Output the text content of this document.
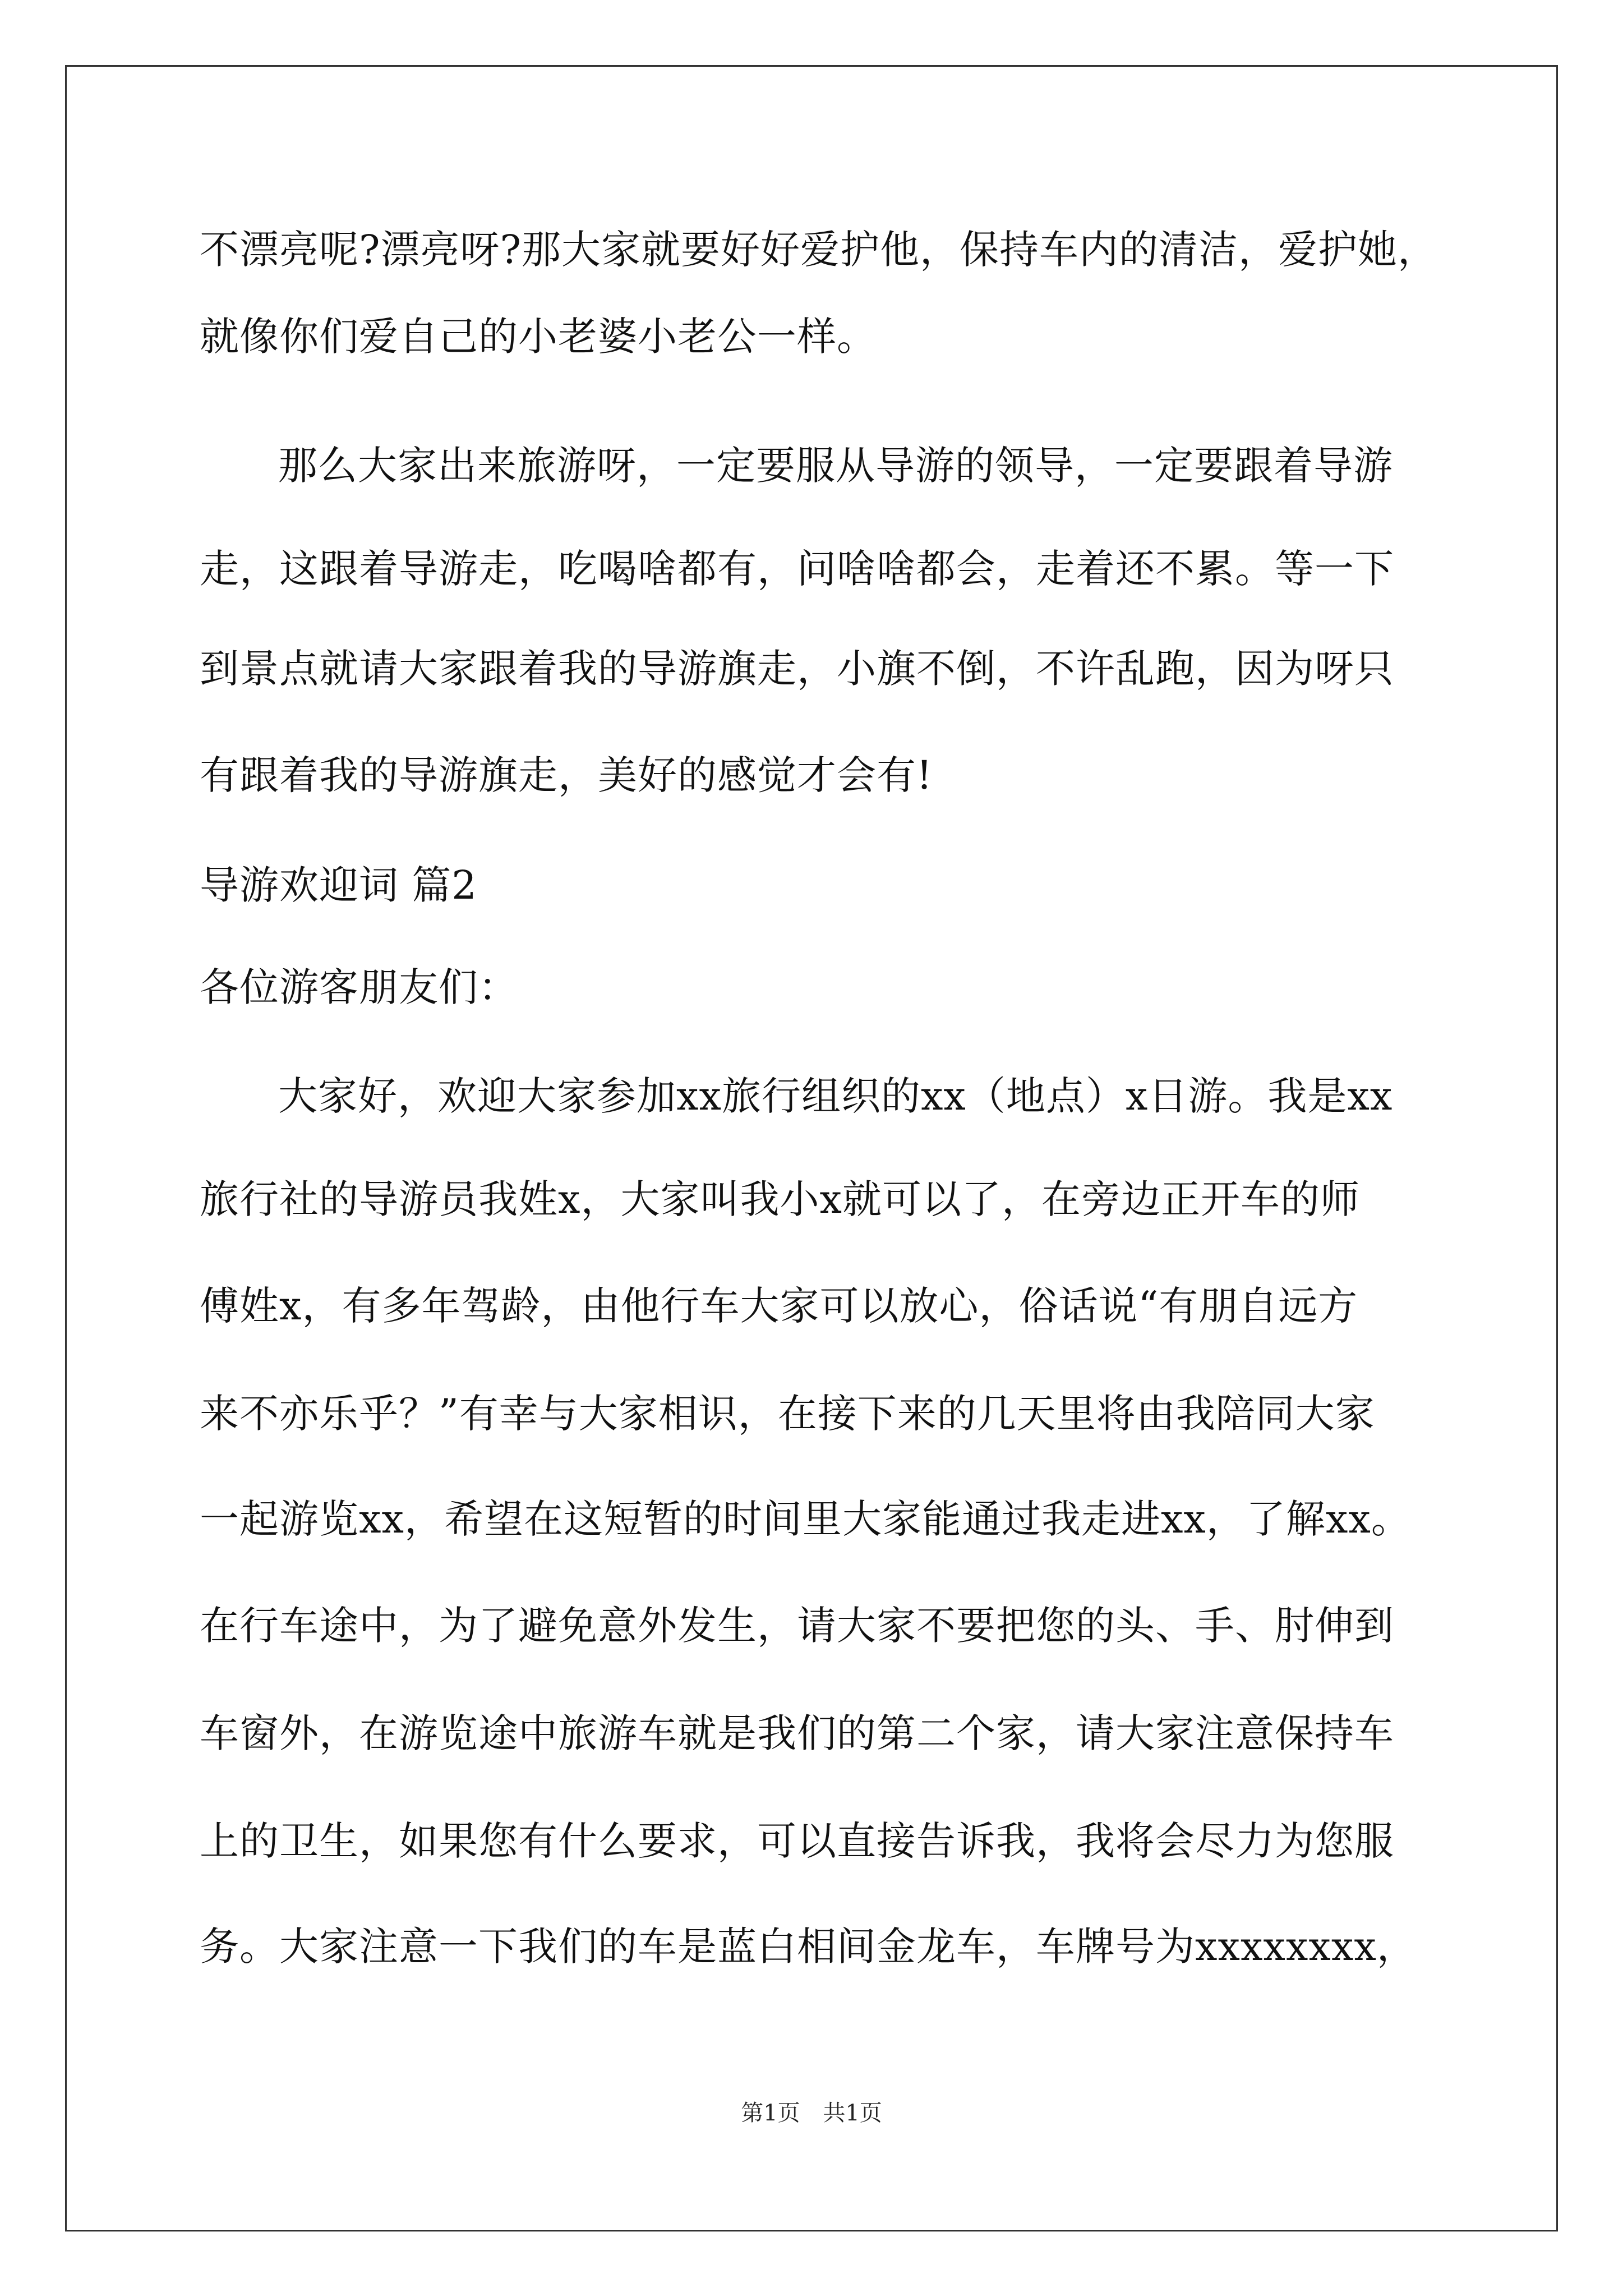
不漂亮呢?漂亮呀?那大家就要好好爱护他，保持车内的清洁，爱护她，
就像你们爱自己的小老婆小老公一样。
那么大家出来旅游呀，一定要服从导游的领导，一定要跟着导游
走，这跟着导游走，吃喝啥都有，问啥啥都会，走着还不累。等一下
到景点就请大家跟着我的导游旗走，小旗不倒，不许乱跑，因为呀只
有跟着我的导游旗走，美好的感觉才会有!
导游欢迎词 篇2
各位游客朋友们：
大家好，欢迎大家参加xx旅行组织的xx（地点）x日游。我是xx
旅行社的导游员我姓x，大家叫我小x就可以了，在旁边正开车的师
傅姓x，有多年驾龄，由他行车大家可以放心，俗话说“有朋自远方
来不亦乐乎？”有幸与大家相识，在接下来的几天里将由我陪同大家
一起游览xx，希望在这短暂的时间里大家能通过我走进xx，了解xx。
在行车途中，为了避免意外发生，请大家不要把您的头、手、肘伸到
车窗外，在游览途中旅游车就是我们的第二个家，请大家注意保持车
上的卫生，如果您有什么要求，可以直接告诉我，我将会尽力为您服
务。大家注意一下我们的车是蓝白相间金龙车，车牌号为xxxxxxxx，
第1页 共1页
